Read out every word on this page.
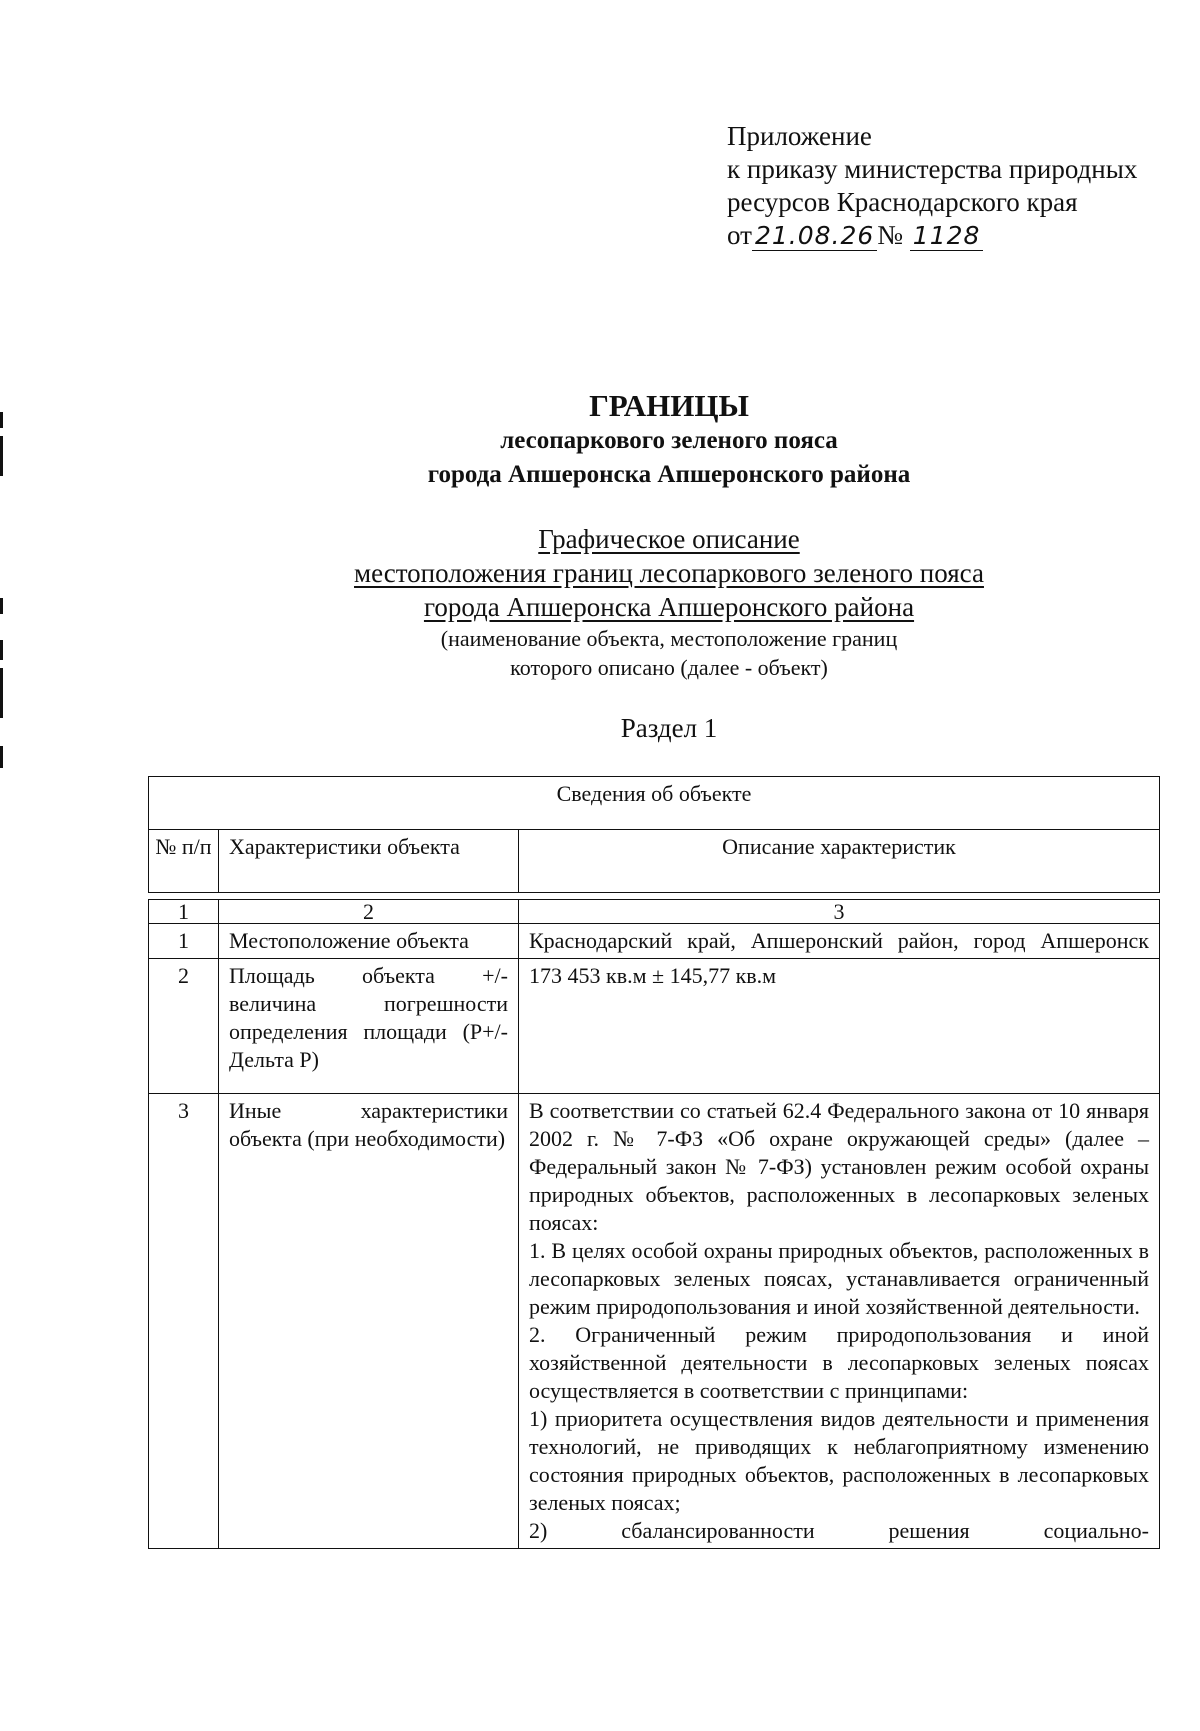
Приложение
к приказу министерства природных
ресурсов Краснодарского края
от 21.08.26 № 1128
ГРАНИЦЫ
лесопаркового зеленого пояса
города Апшеронска Апшеронского района
Графическое описание
местоположения границ лесопаркового зеленого пояса
города Апшеронска Апшеронского района
(наименование объекта, местоположение границ
которого описано (далее - объект)
Раздел 1
Сведения об объекте
№ п/п	Характеристики объекта	Описание характеристик
1	2	3
1	Местоположение объекта	Краснодарский край, Апшеронский район, город Апшеронск
2	Площадь объекта +/- величина погрешности определения площади (P+/- Дельта P)	173 453 кв.м ± 145,77 кв.м
3	Иные характеристики объекта (при необходимости)	В соответствии со статьей 62.4 Федерального закона от 10 января 2002 г. № 7-ФЗ «Об охране окружающей среды» (далее – Федеральный закон № 7-ФЗ) установлен режим особой охраны природных объектов, расположенных в лесопарковых зеленых поясах:
1. В целях особой охраны природных объектов, расположенных в лесопарковых зеленых поясах, устанавливается ограниченный режим природопользования и иной хозяйственной деятельности.
2. Ограниченный режим природопользования и иной хозяйственной деятельности в лесопарковых зеленых поясах осуществляется в соответствии с принципами:
1) приоритета осуществления видов деятельности и применения технологий, не приводящих к неблагоприятному изменению состояния природных объектов, расположенных в лесопарковых зеленых поясах;
2) сбалансированности решения социально-
